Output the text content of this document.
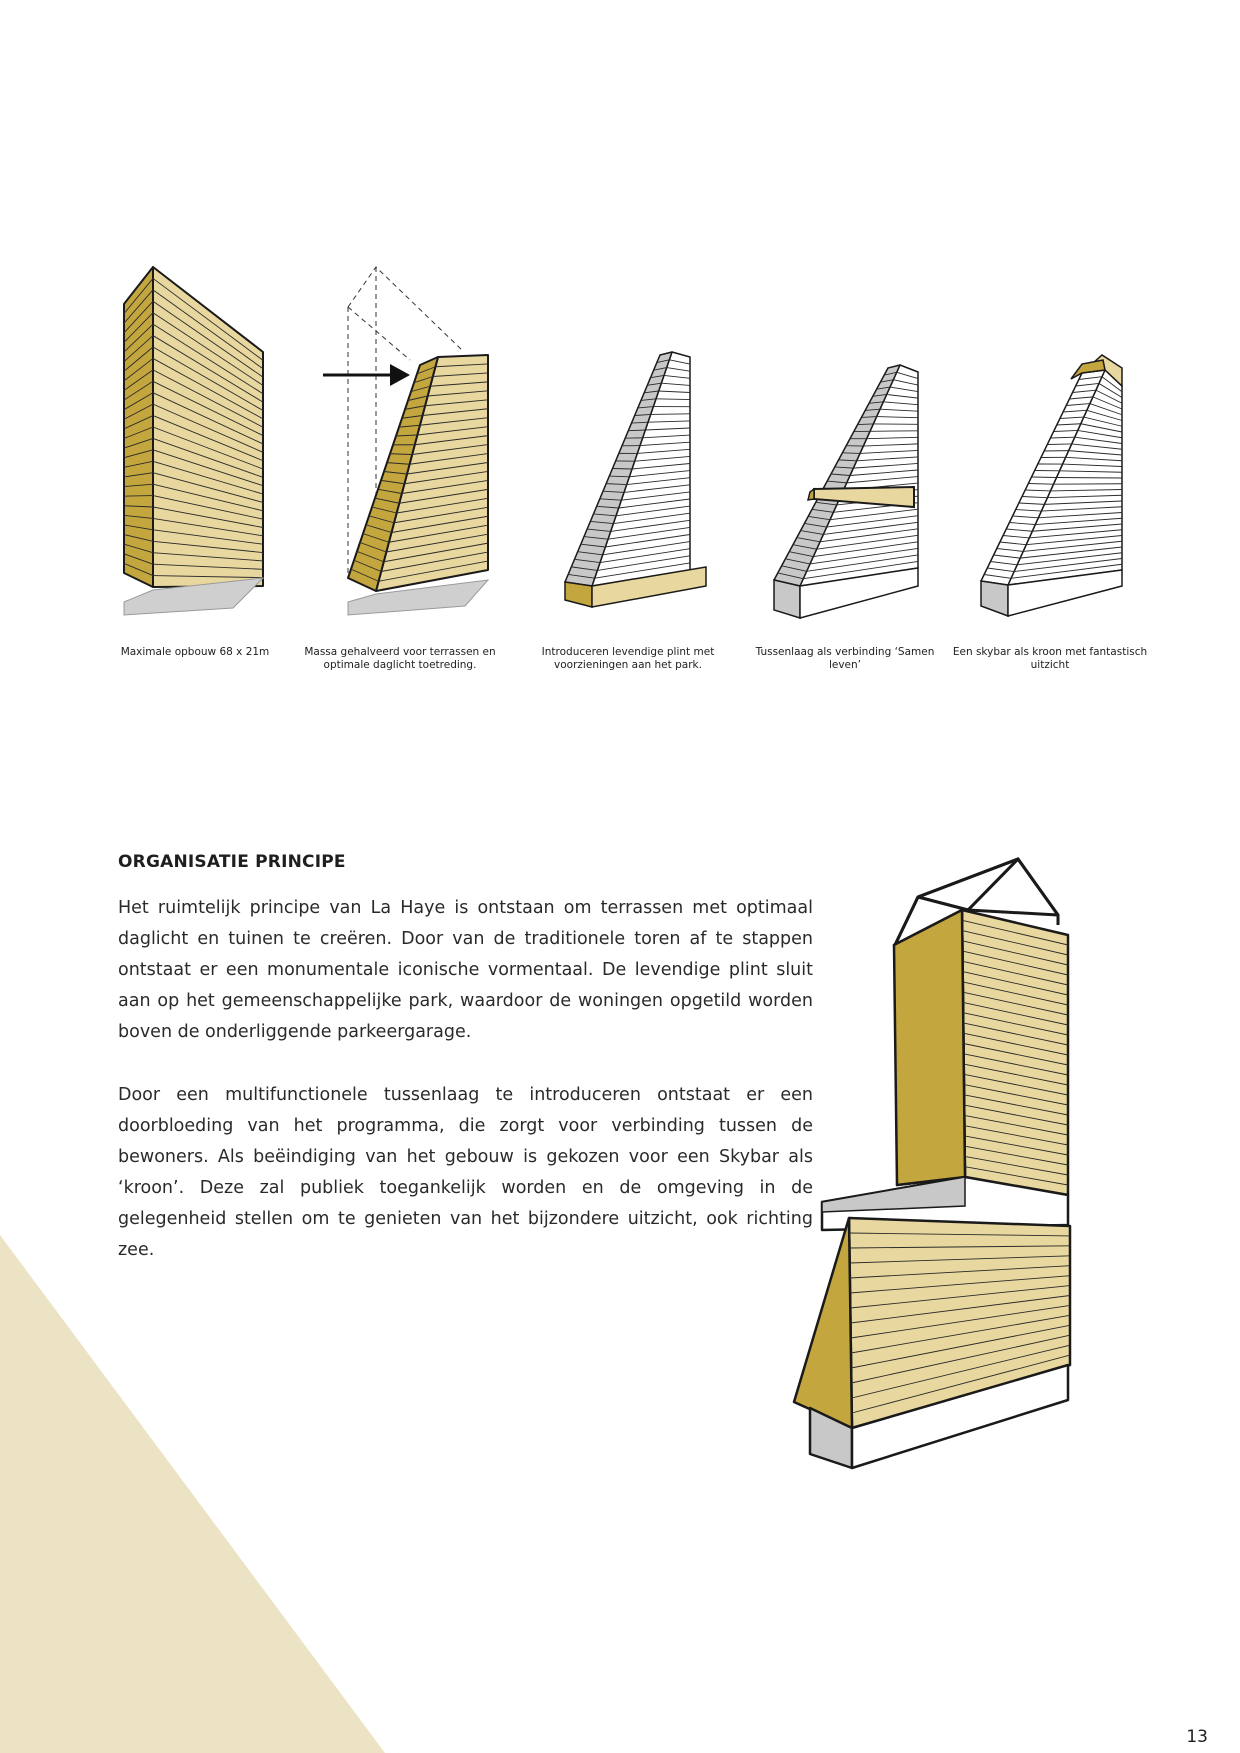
Maximale opbouw 68 x 21m	Massa gehalveerd voor terrassen en optimale daglicht toetreding.
Introduceren levendige plint met voorzieningen aan het park.
Tussenlaag als verbinding ‘Samen leven’
Een skybar als kroon met fantastisch uitzicht
ORGANISATIE PRINCIPE

Het ruimtelijk principe van La Haye is ontstaan om terrassen met optimaal daglicht en tuinen te creëren. Door van de traditionele toren af te stappen ontstaat er een monumentale iconische vormentaal. De levendige plint sluit aan op het gemeenschappelijke park, waardoor de woningen opgetild worden boven de onderliggende parkeergarage.

Door een multifunctionele tussenlaag te introduceren ontstaat er een doorbloeding van het programma, die zorgt voor verbinding tussen de bewoners. Als beëindiging van het gebouw is gekozen voor een Skybar als ‘kroon’. Deze zal publiek toegankelijk worden en de omgeving in de gelegenheid stellen om te genieten van het bijzondere uitzicht, ook richting zee.

13
